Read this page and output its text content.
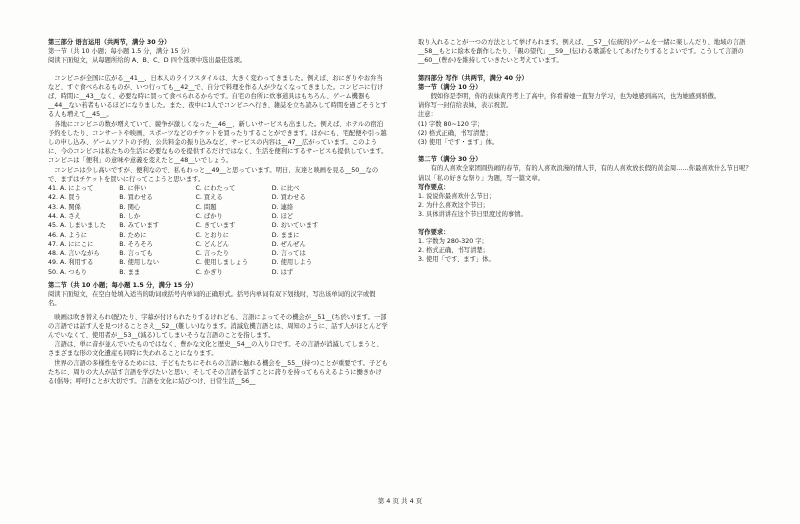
第三部分 语言运用（共两节，满分 30 分）
第一节（共 10 小题；每小题 1.5 分，满分 15 分）
阅读下面短文，从每题所给的 A、B、C、D 四个选项中选出最佳选项。

　コンビニが全国に広がる__41__、日本人のライフスタイルは、大きく変わってきました。例えば、おにぎりやお弁当など、すぐ食べられるものが、いつ行っても__42__で、自分で料理を作る人が少なくなってきました。コンビニに行けば、時間に__43__なく、必要な時に買って食べられるからです。自宅の台所に炊事道具はもちろん、ゲーム機器も__44__ない若者もいるほどになりました。また、夜中に1人でコンビニへ行き、雑誌を立ち読みして時間を過ごそうとする人も増えて__45__。

　各地にコンビニの数が増えていて、競争が激しくなった__46__、新しいサービスも出ました。例えば、ホテルの宿泊予約をしたり、コンサートや映画、スポーツなどのチケットを買ったりすることができます。ほかにも、宅配便や引っ越しの申し込み、ゲームソフトの予約、公共料金の振り込みなど、サービスの内容は__47__広がっています。このように、今のコンビニは私たちの生活に必要なものを提供するだけではなく、生活を便利にするサービスも提供しています。コンビニは「便利」の意味や意義を変えたと__48__いでしょう。

　コンビニは少し高いですが、便利なので、私もわっと__49__と思っています。明日、友達と映画を見る__50__なので、まずはチケットを買いに行ってこようと思います。

41. A. によって	B. に伴い	C. にわたって	D. に比べ
42. A. 買う	B. 買わせる	C. 買える	D. 買わせる
43. A. 関係	B. 関心	C. 問題	D. 連絡
44. A. さえ	B. しか	C. ばかり	D. ほど
45. A. しまいました	B. みています	C. きています	D. おいています
46. A. ように	B. ために	C. とおりに	D. ままに
47. A. ににこに	B. そろそろ	C. どんどん	D. ぜんぜん
48. A. 言いながら	B. 言っても	C. 言ったり	D. 言っては
49. A. 利用する	B. 使用しない	C. 使用しましょう	D. 使用しよう
50. A. つもり	B. まま	C. かぎり	D. はず
第二节（共 10 小题；每小题 1.5 分，满分 15 分）

阅读下面短文，在空白处填入适当的助词或括号内单词的正确形式。括号内单词有双下划线时，写出该单词的汉字或假名。

　映画は吹き替えられ(配)たり、字幕が付けられたりするけれども、言語によってその機会が__51__(ち於い)ます。一部の言語では話す人を見つけることさえ__52__(難しい)なります。消滅危機言語とは、周知のように、話す人がほとんど学んでいなくて、使用者が__53__(減る)してしまいそうな言語のことを指します。

　言語は、単に音が並んでいたものではなく、豊かな文化と歴史__54__の入り口です。その言語が消滅してしまうと、さまざまな形の文化遺産も同時に失われることになります。

　世界の言語の多様性を守るためには、子どもたちにそれらの言語に触れる機会を__55__(持つ)ことが重要です。子どもたちに、周りの大人が話す言語を学びたいと思い、そしてその言語を話すことに誇りを持ってもらえるように働きかける(倡导；呼吁)ことが大切です。言語を文化に結びつけ、日常生活__56__

取り入れることが一つの方法として挙げられます。例えば、__57__(伝統的)ゲームを一緒に楽しんだり、地域の言語__58__もとに絵本を創作したり、「親の望代」__59__(伝)わる歌謡をしてあげたりするとよいです。こうして言語の__60__(豊か)を維持していきたいと考えています。

第四部分 写作（共两节，满分 40 分）
第一节（满分 10 分）

　　假如你是李明，你的表妹黄丹考上了高中，你看着她一直努力学习，也为她感到高兴，也为她感到骄傲。

请你写一封信给表妹，表示祝贺。

注意：

(1) 字数 80~120 字；
(2) 格式正确，书写清楚；
(3) 使用「です・ます」体。
第二节（满分 30 分）

　　有的人喜欢全家团圆热闹的春节，有的人喜欢浪漫的情人节，有的人喜欢放长假的黄金周……你最喜欢什么节日呢？请以「私の好きな祭り」为题，写一篇文章。

写作要点：
1. 说说你最喜欢什么节日；
2. 为什么喜欢这个节日；
3. 具体讲讲在这个节日里度过的事情。
写作要求：
1. 字数为 280-320 字；
2. 格式正确，书写清楚；
3. 使用「です、ます」体。
第 4 页 共 4 页
